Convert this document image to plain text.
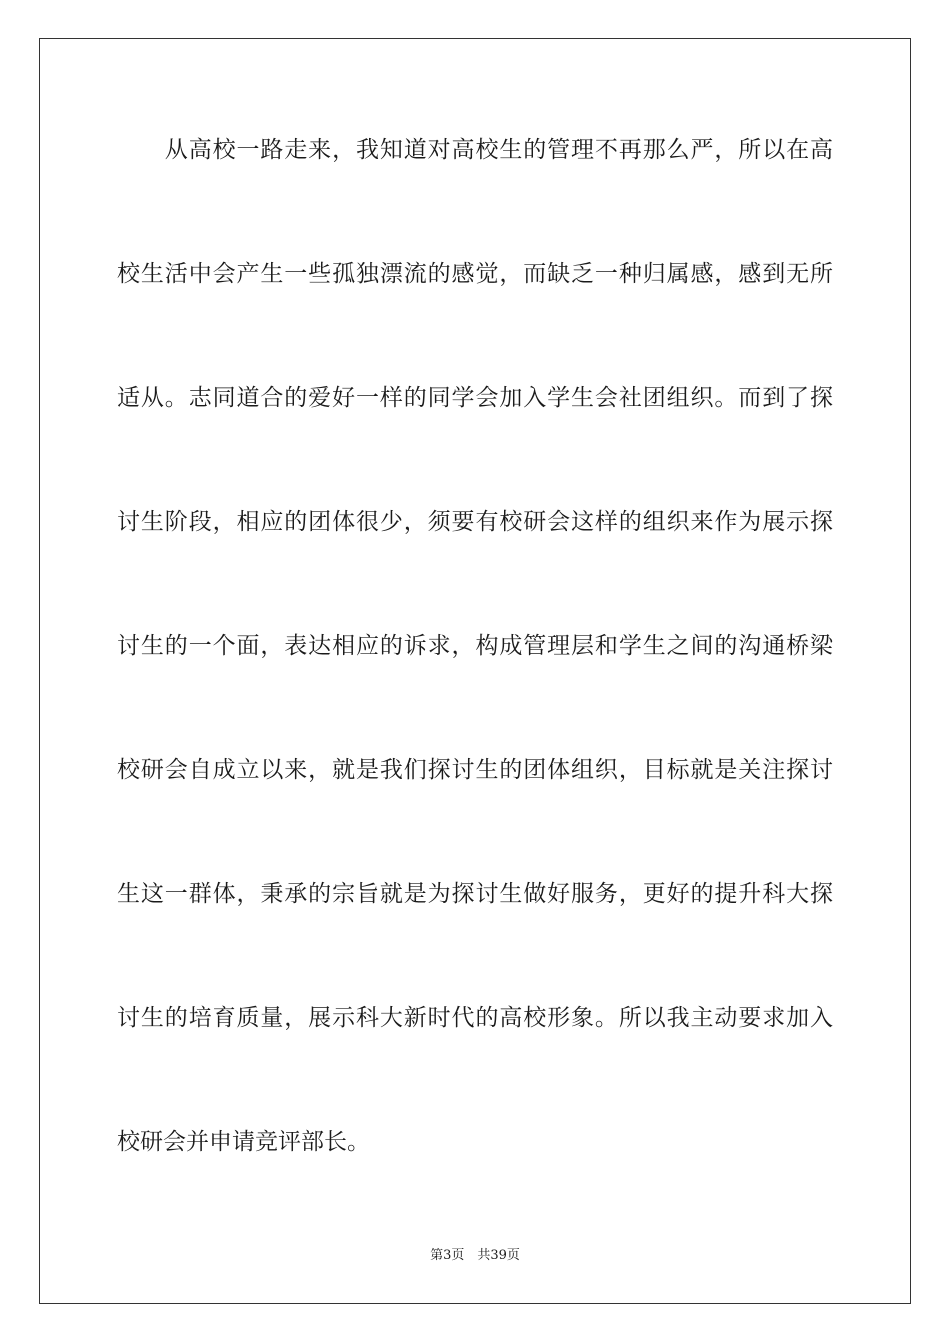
　　从高校一路走来，我知道对高校生的管理不再那么严，所以在高
校生活中会产生一些孤独漂流的感觉，而缺乏一种归属感，感到无所
适从。志同道合的爱好一样的同学会加入学生会社团组织。而到了探
讨生阶段，相应的团体很少，须要有校研会这样的组织来作为展示探
讨生的一个面，表达相应的诉求，构成管理层和学生之间的沟通桥梁
校研会自成立以来，就是我们探讨生的团体组织，目标就是关注探讨
生这一群体，秉承的宗旨就是为探讨生做好服务，更好的提升科大探
讨生的培育质量，展示科大新时代的高校形象。所以我主动要求加入
校研会并申请竞评部长。
第3页　共39页
